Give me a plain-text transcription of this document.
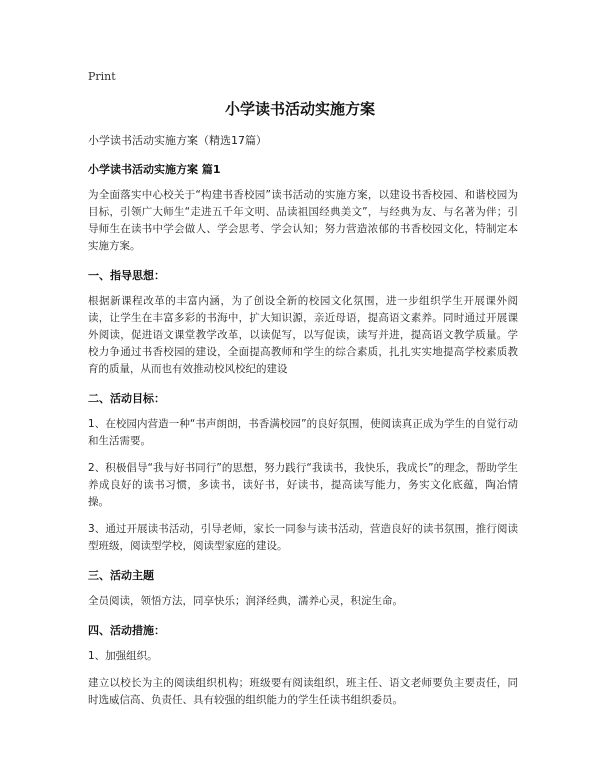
Print
小学读书活动实施方案

小学读书活动实施方案（精选17篇）

小学读书活动实施方案 篇1

为全面落实中心校关于“构建书香校园”读书活动的实施方案，以建设书香校园、和谐校园为目标，引领广大师生“走进五千年文明、品读祖国经典美文”，与经典为友、与名著为伴；引导师生在读书中学会做人、学会思考、学会认知；努力营造浓郁的书香校园文化，特制定本实施方案。

一、指导思想：

根据新课程改革的丰富内涵，为了创设全新的校园文化氛围，进一步组织学生开展课外阅读，让学生在丰富多彩的书海中，扩大知识源，亲近母语，提高语文素养。同时通过开展课外阅读，促进语文课堂教学改革，以读促写，以写促读，读写并进，提高语文教学质量。学校力争通过书香校园的建设，全面提高教师和学生的综合素质，扎扎实实地提高学校素质教育的质量，从而也有效推动校风校纪的建设

二、活动目标：

1、在校园内营造一种“书声朗朗，书香满校园”的良好氛围，使阅读真正成为学生的自觉行动和生活需要。

2、积极倡导“我与好书同行”的思想，努力践行“我读书，我快乐，我成长”的理念，帮助学生养成良好的读书习惯，多读书，读好书，好读书，提高读写能力，务实文化底蕴，陶冶情操。

3、通过开展读书活动，引导老师，家长一同参与读书活动，营造良好的读书氛围，推行阅读型班级，阅读型学校，阅读型家庭的建设。

三、活动主题

全员阅读，领悟方法，同享快乐；润泽经典，濡养心灵，积淀生命。

四、活动措施：

1、加强组织。

建立以校长为主的阅读组织机构；班级要有阅读组织，班主任、语文老师要负主要责任，同时选威信高、负责任、具有较强的组织能力的学生任读书组织委员。
